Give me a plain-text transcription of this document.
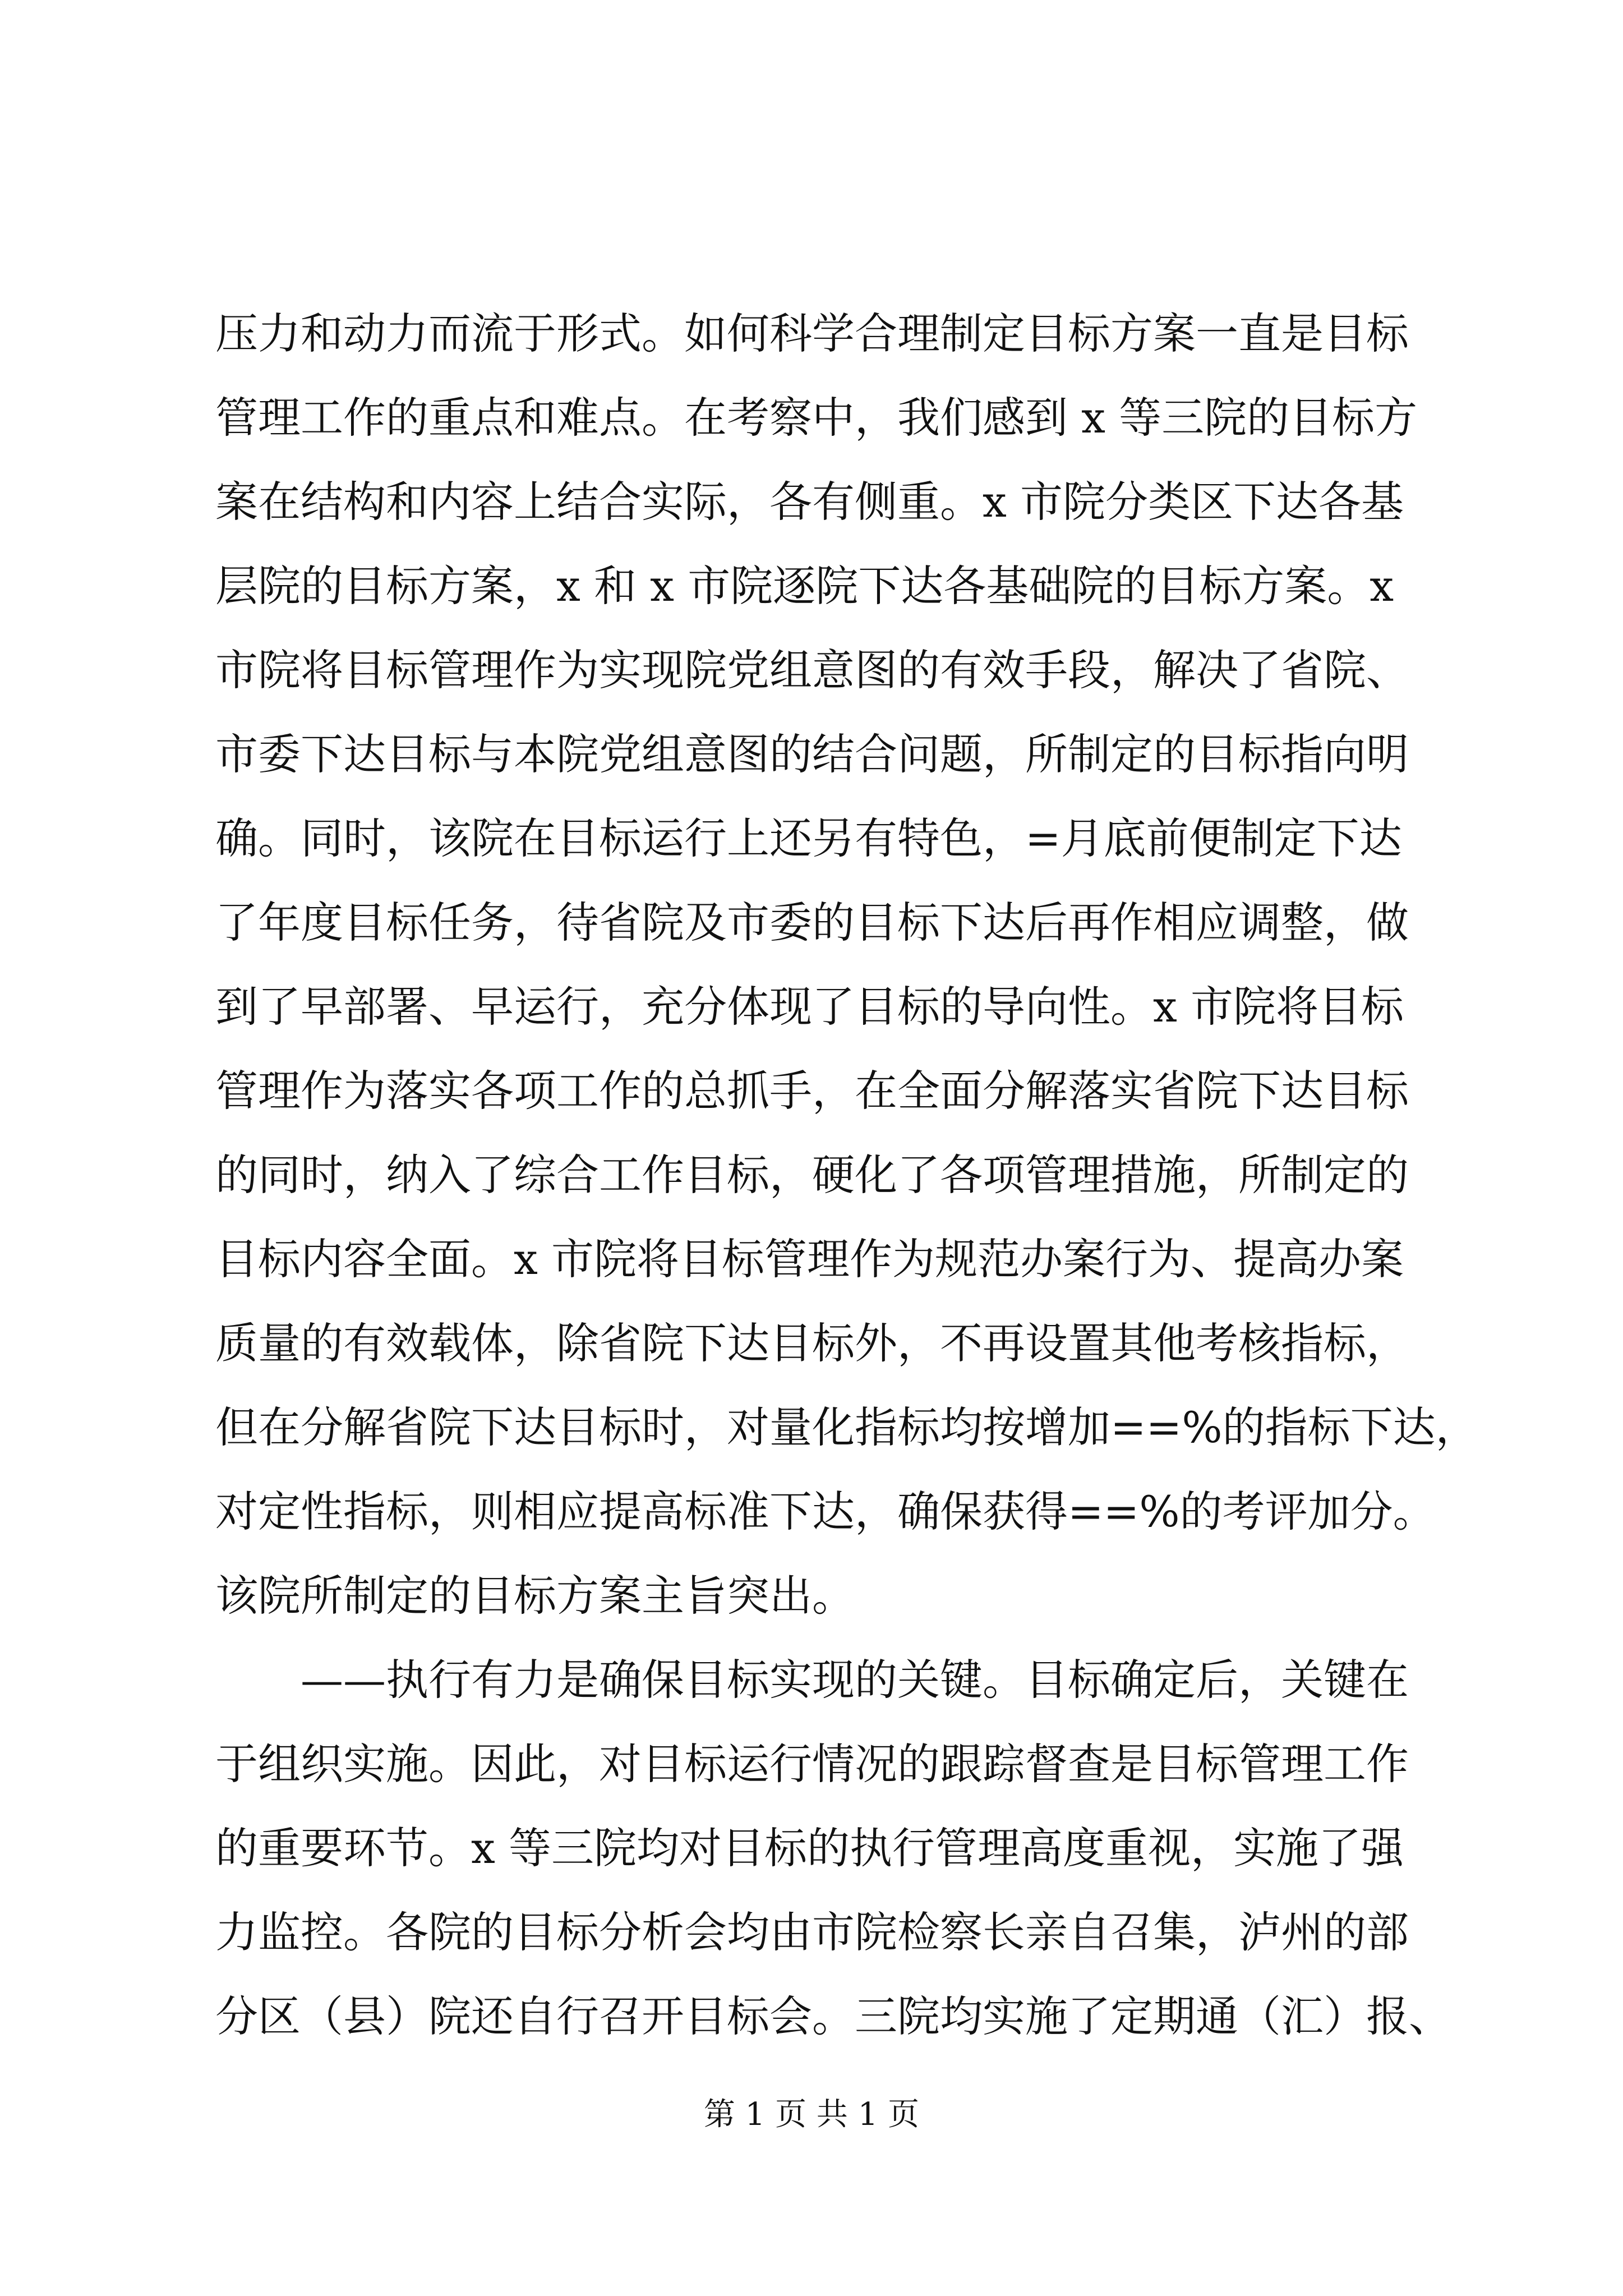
压力和动力而流于形式。如何科学合理制定目标方案一直是目标
管理工作的重点和难点。在考察中，我们感到 x 等三院的目标方
案在结构和内容上结合实际，各有侧重。x 市院分类区下达各基
层院的目标方案，x 和 x 市院逐院下达各基础院的目标方案。x
市院将目标管理作为实现院党组意图的有效手段，解决了省院、
市委下达目标与本院党组意图的结合问题，所制定的目标指向明
确。同时，该院在目标运行上还另有特色，=月底前便制定下达
了年度目标任务，待省院及市委的目标下达后再作相应调整，做
到了早部署、早运行，充分体现了目标的导向性。x 市院将目标
管理作为落实各项工作的总抓手，在全面分解落实省院下达目标
的同时，纳入了综合工作目标，硬化了各项管理措施，所制定的
目标内容全面。x 市院将目标管理作为规范办案行为、提高办案
质量的有效载体，除省院下达目标外，不再设置其他考核指标，
但在分解省院下达目标时，对量化指标均按增加==%的指标下达，
对定性指标，则相应提高标准下达，确保获得==%的考评加分。
该院所制定的目标方案主旨突出。
——执行有力是确保目标实现的关键。目标确定后，关键在
于组织实施。因此，对目标运行情况的跟踪督查是目标管理工作
的重要环节。x 等三院均对目标的执行管理高度重视，实施了强
力监控。各院的目标分析会均由市院检察长亲自召集，泸州的部
分区（县）院还自行召开目标会。三院均实施了定期通（汇）报、
第 1 页 共 1 页
